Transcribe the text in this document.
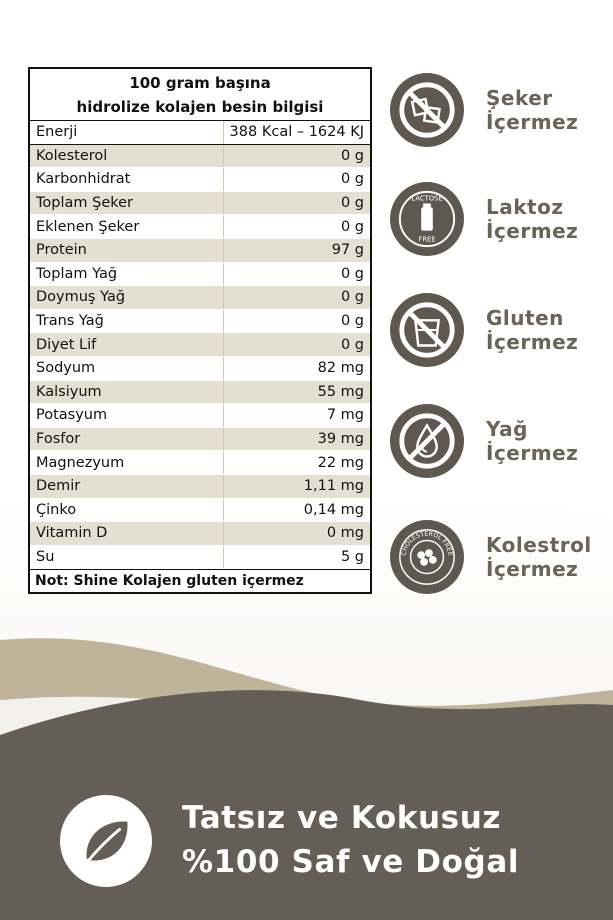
100 gram başına
hidrolize kolajen besin bilgisi
Enerji	388 Kcal – 1624 KJ
Kolesterol	0 g
Karbonhidrat	0 g
Toplam Şeker	0 g
Eklenen Şeker	0 g
Protein	97 g
Toplam Yağ	0 g
Doymuş Yağ	0 g
Trans Yağ	0 g
Diyet Lif	0 g
Sodyum	82 mg
Kalsiyum	55 mg
Potasyum	7 mg
Fosfor	39 mg
Magnezyum	22 mg
Demir	1,11 mg
Çinko	0,14 mg
Vitamin D	0 mg
Su	5 g
Not: Shine Kolajen gluten içermez
Şeker
İçermez
LACTOSE
FREE
Laktoz
İçermez
Gluten
İçermez
Yağ
İçermez
CHOLESTEROL FREE Kolestrol
İçermez
Tatsız ve Kokusuz
%100 Saf ve Doğal
